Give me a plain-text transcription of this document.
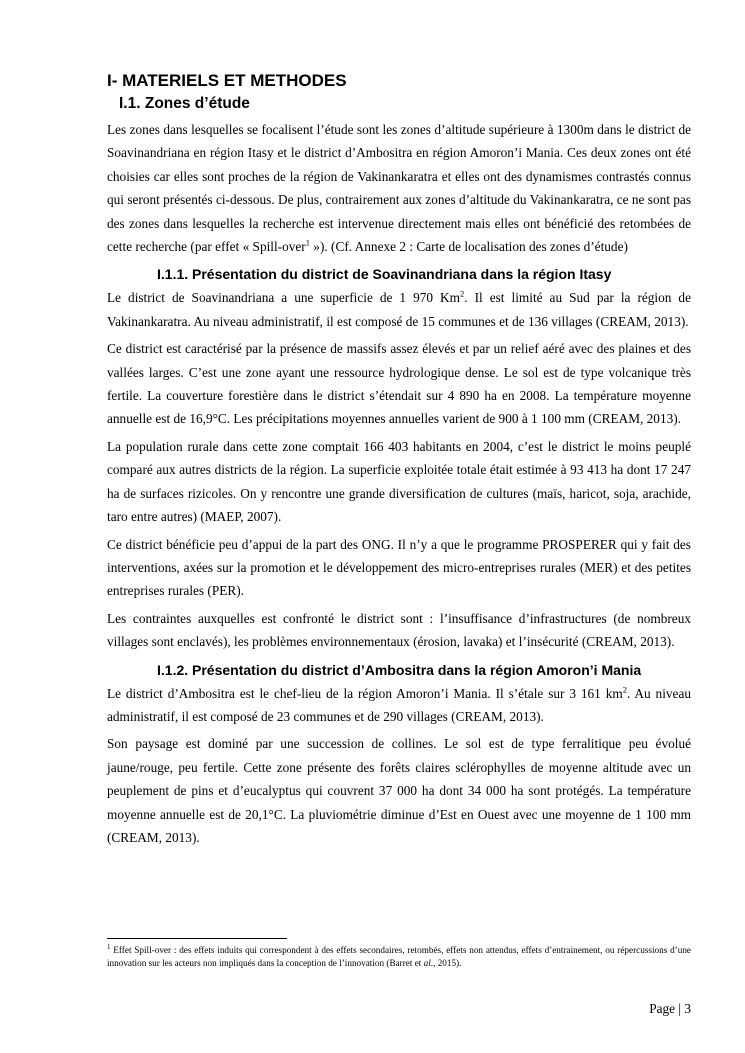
I- MATERIELS ET METHODES
I.1. Zones d’étude

Les zones dans lesquelles se focalisent l’étude sont les zones d’altitude supérieure à 1300m dans le district de Soavinandriana en région Itasy et le district d’Ambositra en région Amoron’i Mania. Ces deux zones ont été choisies car elles sont proches de la région de Vakinankaratra et elles ont des dynamismes contrastés connus qui seront présentés ci-dessous. De plus, contrairement aux zones d’altitude du Vakinankaratra, ce ne sont pas des zones dans lesquelles la recherche est intervenue directement mais elles ont bénéficié des retombées de cette recherche (par effet « Spill-over$^1$ »). (Cf. Annexe 2 : Carte de localisation des zones d’étude)

I.1.1. Présentation du district de Soavinandriana dans la région Itasy

Le district de Soavinandriana a une superficie de 1 970 Km$^2$. Il est limité au Sud par la région de Vakinankaratra. Au niveau administratif, il est composé de 15 communes et de 136 villages (CREAM, 2013).

Ce district est caractérisé par la présence de massifs assez élevés et par un relief aéré avec des plaines et des vallées larges. C’est une zone ayant une ressource hydrologique dense. Le sol est de type volcanique très fertile. La couverture forestière dans le district s’étendait sur 4 890 ha en 2008. La température moyenne annuelle est de 16,9°C. Les précipitations moyennes annuelles varient de 900 à 1 100 mm (CREAM, 2013).

La population rurale dans cette zone comptait 166 403 habitants en 2004, c’est le district le moins peuplé comparé aux autres districts de la région. La superficie exploitée totale était estimée à 93 413 ha dont 17 247 ha de surfaces rizicoles. On y rencontre une grande diversification de cultures (maïs, haricot, soja, arachide, taro entre autres) (MAEP, 2007).

Ce district bénéficie peu d’appui de la part des ONG. Il n’y a que le programme PROSPERER qui y fait des interventions, axées sur la promotion et le développement des micro-entreprises rurales (MER) et des petites entreprises rurales (PER).

Les contraintes auxquelles est confronté le district sont : l’insuffisance d’infrastructures (de nombreux villages sont enclavés), les problèmes environnementaux (érosion, lavaka) et l’insécurité (CREAM, 2013).

I.1.2. Présentation du district d’Ambositra dans la région Amoron’i Mania

Le district d’Ambositra est le chef-lieu de la région Amoron’i Mania. Il s’étale sur 3 161 $km^2$. Au niveau administratif, il est composé de 23 communes et de 290 villages (CREAM, 2013).

Son paysage est dominé par une succession de collines. Le sol est de type ferralitique peu évolué jaune/rouge, peu fertile. Cette zone présente des forêts claires sclérophylles de moyenne altitude avec un peuplement de pins et d’eucalyptus qui couvrent 37 000 ha dont 34 000 ha sont protégés. La température moyenne annuelle est de 20,1°C. La pluviométrie diminue d’Est en Ouest avec une moyenne de 1 100 mm (CREAM, 2013).

$^1$ Effet Spill-over : des effets induits qui correspondent à des effets secondaires, retombés, effets non attendus, effets d’entrainement, ou répercussions d’une innovation sur les acteurs non impliqués dans la conception de l’innovation (Barret et al., 2015).
Page | 3
